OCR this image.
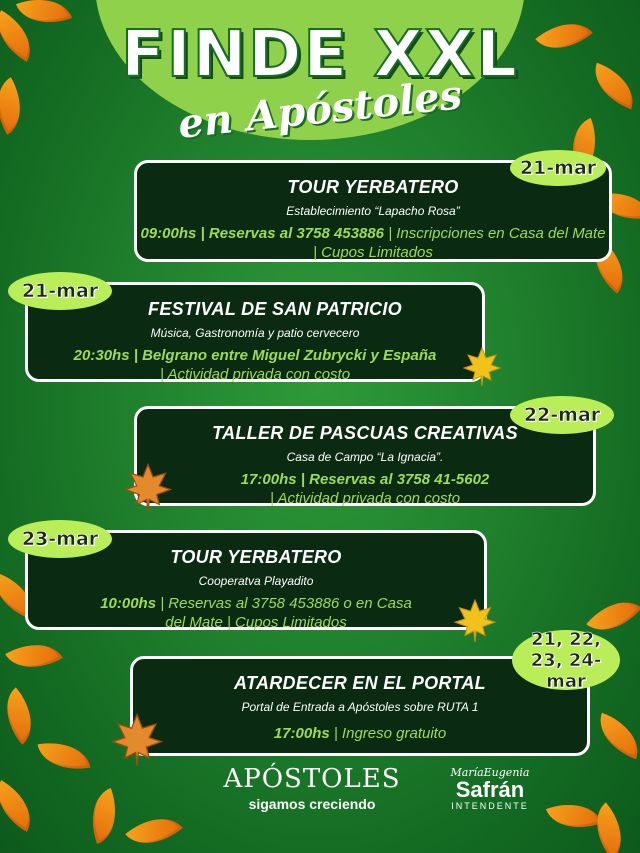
FINDE XXL
en Apóstoles
TOUR YERBATERO
Establecimiento “Lapacho Rosa”
09:00hs | Reservas al 3758 453886 | Inscripciones en Casa del Mate | Cupos Limitados
21-mar
FESTIVAL DE SAN PATRICIO
Música, Gastronomía y patio cervecero
20:30hs | Belgrano entre Miguel Zubrycki y España
| Actividad privada con costo
21-mar
TALLER DE PASCUAS CREATIVAS
Casa de Campo “La Ignacia”.
17:00hs | Reservas al 3758 41-5602
| Actividad privada con costo
22-mar
TOUR YERBATERO
Cooperatva Playadito
10:00hs | Reservas al 3758 453886 o en Casa del Mate | Cupos Limitados
23-mar
ATARDECER EN EL PORTAL
Portal de Entrada a Apóstoles sobre RUTA 1
17:00hs | Ingreso gratuito
21, 22, 23, 24-mar
APÓSTOLES
sigamos creciendo
MaríaEugenia
Safrán
INTENDENTE
